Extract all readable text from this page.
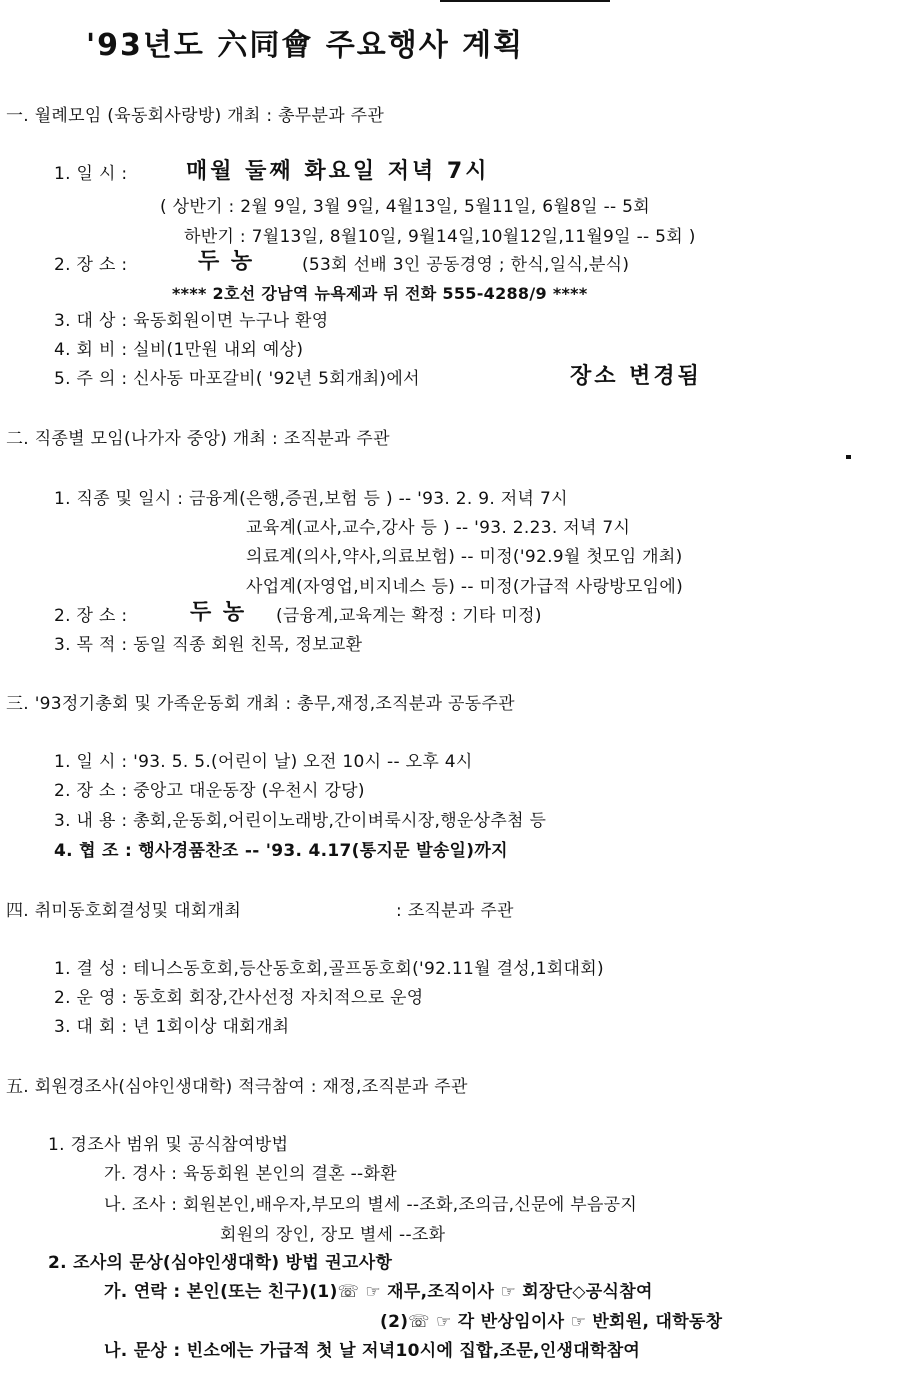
'93년도 六同會 주요행사 계획
一. 월례모임 (육동회사랑방) 개최 : 총무분과 주관
1. 일 시 :	매월 둘째 화요일 저녁 7시
( 상반기 : 2월 9일, 3월 9일, 4월13일, 5월11일, 6월8일 -- 5회
하반기 : 7월13일, 8월10일, 9월14일,10월12일,11월9일 -- 5회 )
2. 장 소 :	두 농	(53회 선배 3인 공동경영 ; 한식,일식,분식)
**** 2호선 강남역 뉴욕제과 뒤 전화 555-4288/9 ****
3. 대 상 : 육동회원이면 누구나 환영
4. 회 비 : 실비(1만원 내외 예상)
5. 주 의 : 신사동 마포갈비( '92년 5회개최)에서	장소 변경됨
二. 직종별 모임(나가자 중앙) 개최 : 조직분과 주관
1. 직종 및 일시 : 금융계(은행,증권,보험 등 ) -- '93. 2. 9. 저녁 7시
교육계(교사,교수,강사 등 ) -- '93. 2.23. 저녁 7시
의료계(의사,약사,의료보험) -- 미정('92.9월 첫모임 개최)
사업계(자영업,비지네스 등) -- 미정(가급적 사랑방모임에)
2. 장 소 :	두 농 (금융계,교육계는 확정 : 기타 미정)
3. 목 적 : 동일 직종 회원 친목, 정보교환
三. '93정기총회 및 가족운동회 개최 : 총무,재정,조직분과 공동주관
1. 일 시 : '93. 5. 5.(어린이 날) 오전 10시 -- 오후 4시
2. 장 소 : 중앙고 대운동장 (우천시 강당)
3. 내 용 : 총회,운동회,어린이노래방,간이벼룩시장,행운상추첨 등
4. 협 조 : 행사경품찬조 -- '93. 4.17(통지문 발송일)까지
四. 취미동호회결성및 대회개최	: 조직분과 주관
1. 결 성 : 테니스동호회,등산동호회,골프동호회('92.11월 결성,1회대회)
2. 운 영 : 동호회 회장,간사선정 자치적으로 운영
3. 대 회 : 년 1회이상 대회개최
五. 회원경조사(심야인생대학) 적극참여 : 재정,조직분과 주관
1. 경조사 범위 및 공식참여방법
가. 경사 : 육동회원 본인의 결혼 --화환
나. 조사 : 회원본인,배우자,부모의 별세 --조화,조의금,신문에 부음공지
회원의 장인, 장모 별세 --조화
2. 조사의 문상(심야인생대학) 방법 권고사항
가. 연락 : 본인(또는 친구)(1)☏ ☞ 재무,조직이사 ☞ 회장단◇공식참여
(2)☏ ☞ 각 반상임이사 ☞ 반회원, 대학동창
나. 문상 : 빈소에는 가급적 첫 날 저녁10시에 집합,조문,인생대학참여
